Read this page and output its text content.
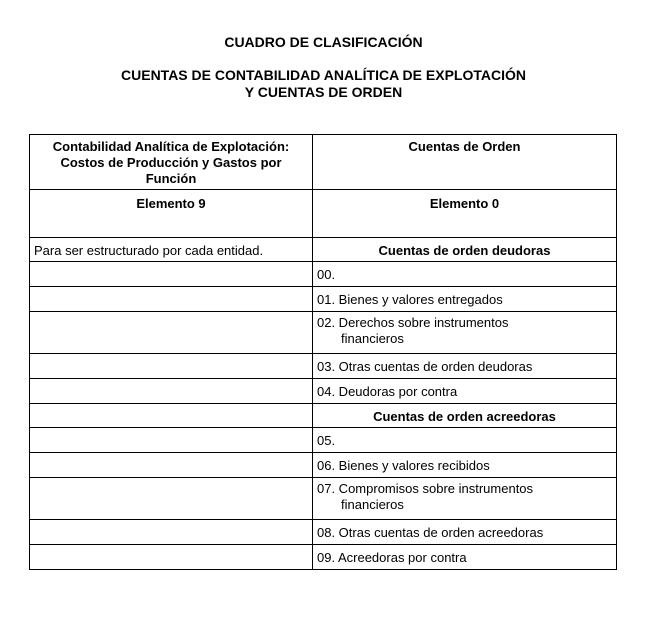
CUADRO DE CLASIFICACIÓN
CUENTAS DE CONTABILIDAD ANALÍTICA DE EXPLOTACIÓN
Y CUENTAS DE ORDEN
Contabilidad Analítica de Explotación:
Costos de Producción y Gastos por
Función	Cuentas de Orden
Elemento 9	Elemento 0
Para ser estructurado por cada entidad.	Cuentas de orden deudoras
	00.
	01. Bienes y valores entregados
	02. Derechos sobre instrumentos
financieros

	03. Otras cuentas de orden deudoras
	04. Deudoras por contra
	Cuentas de orden acreedoras
	05.
	06. Bienes y valores recibidos
	07. Compromisos sobre instrumentos
financieros

	08. Otras cuentas de orden acreedoras
	09. Acreedoras por contra
